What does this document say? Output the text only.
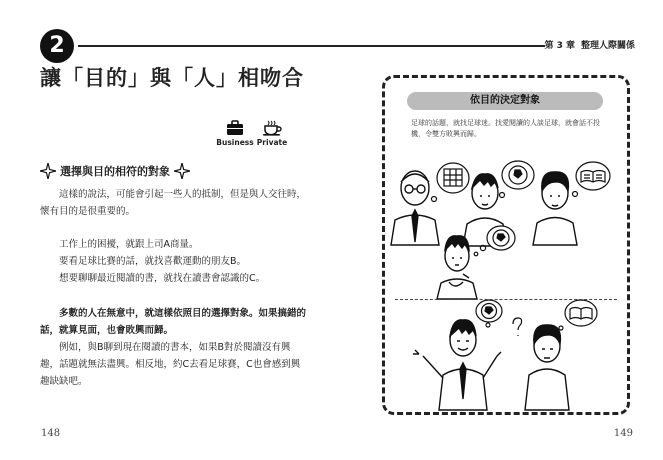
2
讓「目的」與「人」相吻合
Business Private
選擇與目的相符的對象

這樣的說法，可能會引起一些人的抵制，但是與人交往時，懷有目的是很重要的。

工作上的困擾，就跟上司A商量。

要看足球比賽的話，就找喜歡運動的朋友B。

想要聊聊最近閱讀的書，就找在讀書會認識的C。

多數的人在無意中，就這樣依照目的選擇對象。如果搞錯的話，就算見面，也會敗興而歸。

例如，與B聊到現在閱讀的書本，如果B對於閱讀沒有興趣，話題就無法盡興。相反地，約C去看足球賽，C也會感到興趣缺缺吧。

148
第 3 章 整理人際關係
依目的決定對象
足球的話題，就找足球迷。找愛閱讀的人談足球，就會話不投機，令雙方敗興而歸。
149
